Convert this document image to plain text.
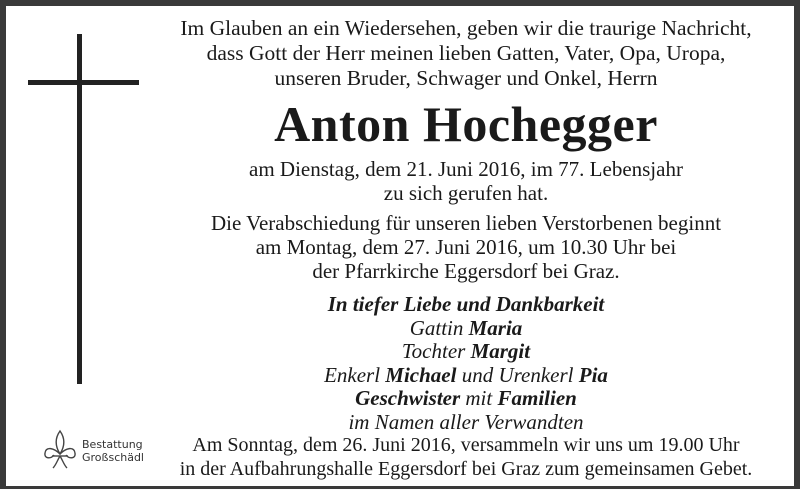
Im Glauben an ein Wiedersehen, geben wir die traurige Nachricht,
dass Gott der Herr meinen lieben Gatten, Vater, Opa, Uropa,
unseren Bruder, Schwager und Onkel, Herrn
Anton Hochegger
am Dienstag, dem 21. Juni 2016, im 77. Lebensjahr
zu sich gerufen hat.
Die Verabschiedung für unseren lieben Verstorbenen beginnt
am Montag, dem 27. Juni 2016, um 10.30 Uhr bei
der Pfarrkirche Eggersdorf bei Graz.
In tiefer Liebe und Dankbarkeit
Gattin Maria
Tochter Margit
Enkerl Michael und Urenkerl Pia
Geschwister mit Familien
im Namen aller Verwandten
Bestattung
Großschädl
Am Sonntag, dem 26. Juni 2016, versammeln wir uns um 19.00 Uhr
in der Aufbahrungshalle Eggersdorf bei Graz zum gemeinsamen Gebet.
